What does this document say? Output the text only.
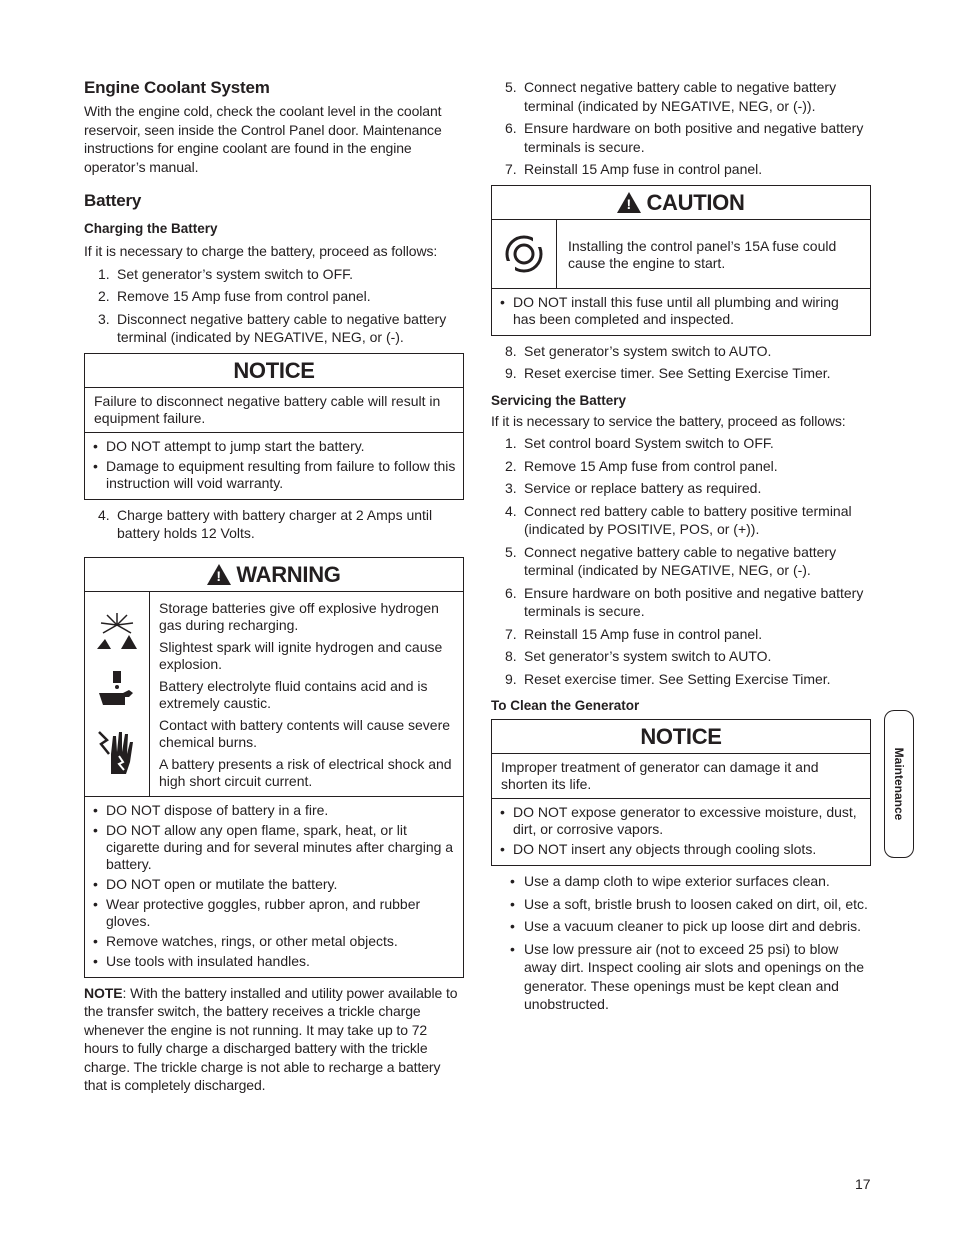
Engine Coolant System

With the engine cold, check the coolant level in the coolant reservoir, seen inside the Control Panel door. Maintenance instructions for engine coolant are found in the engine operator’s manual.

Battery

Charging the Battery

If it is necessary to charge the battery, proceed as follows:

1. Set generator’s system switch to OFF.
2. Remove 15 Amp fuse from control panel.
3. Disconnect negative battery cable to negative battery terminal (indicated by NEGATIVE, NEG, or (-).
NOTICE
Failure to disconnect negative battery cable will result in equipment failure.
• DO NOT attempt to jump start the battery.
• Damage to equipment resulting from failure to follow this instruction will void warranty.
4. Charge battery with battery charger at 2 Amps until battery holds 12 Volts.
! WARNING

Storage batteries give off explosive hydrogen gas during recharging.

Slightest spark will ignite hydrogen and cause explosion.

Battery electrolyte fluid contains acid and is extremely caustic.

Contact with battery contents will cause severe chemical burns.

A battery presents a risk of electrical shock and high short circuit current.

• DO NOT dispose of battery in a fire.
• DO NOT allow any open flame, spark, heat, or lit cigarette during and for several minutes after charging a battery.
• DO NOT open or mutilate the battery.
• Wear protective goggles, rubber apron, and rubber gloves.
• Remove watches, rings, or other metal objects.
• Use tools with insulated handles.

NOTE: With the battery installed and utility power available to the transfer switch, the battery receives a trickle charge whenever the engine is not running. It may take up to 72 hours to fully charge a discharged battery with the trickle charge. The trickle charge is not able to recharge a battery that is completely discharged.

5. Connect negative battery cable to negative battery terminal (indicated by NEGATIVE, NEG, or (-)).
6. Ensure hardware on both positive and negative battery terminals is secure.
7. Reinstall 15 Amp fuse in control panel.
! CAUTION
Installing the control panel’s 15A fuse could cause the engine to start.
• DO NOT install this fuse until all plumbing and wiring has been completed and inspected.
8. Set generator’s system switch to AUTO.
9. Reset exercise timer. See Setting Exercise Timer.

Servicing the Battery

If it is necessary to service the battery, proceed as follows:

1. Set control board System switch to OFF.
2. Remove 15 Amp fuse from control panel.
3. Service or replace battery as required.
4. Connect red battery cable to battery positive terminal (indicated by POSITIVE, POS, or (+)).
5. Connect negative battery cable to negative battery terminal (indicated by NEGATIVE, NEG, or (-).
6. Ensure hardware on both positive and negative battery terminals is secure.
7. Reinstall 15 Amp fuse in control panel.
8. Set generator’s system switch to AUTO.
9. Reset exercise timer. See Setting Exercise Timer.

To Clean the Generator

NOTICE
Improper treatment of generator can damage it and shorten its life.
• DO NOT expose generator to excessive moisture, dust, dirt, or corrosive vapors.
• DO NOT insert any objects through cooling slots.
• Use a damp cloth to wipe exterior surfaces clean.
• Use a soft, bristle brush to loosen caked on dirt, oil, etc.
• Use a vacuum cleaner to pick up loose dirt and debris.
• Use low pressure air (not to exceed 25 psi) to blow away dirt. Inspect cooling air slots and openings on the generator. These openings must be kept clean and unobstructed.
Maintenance
17
